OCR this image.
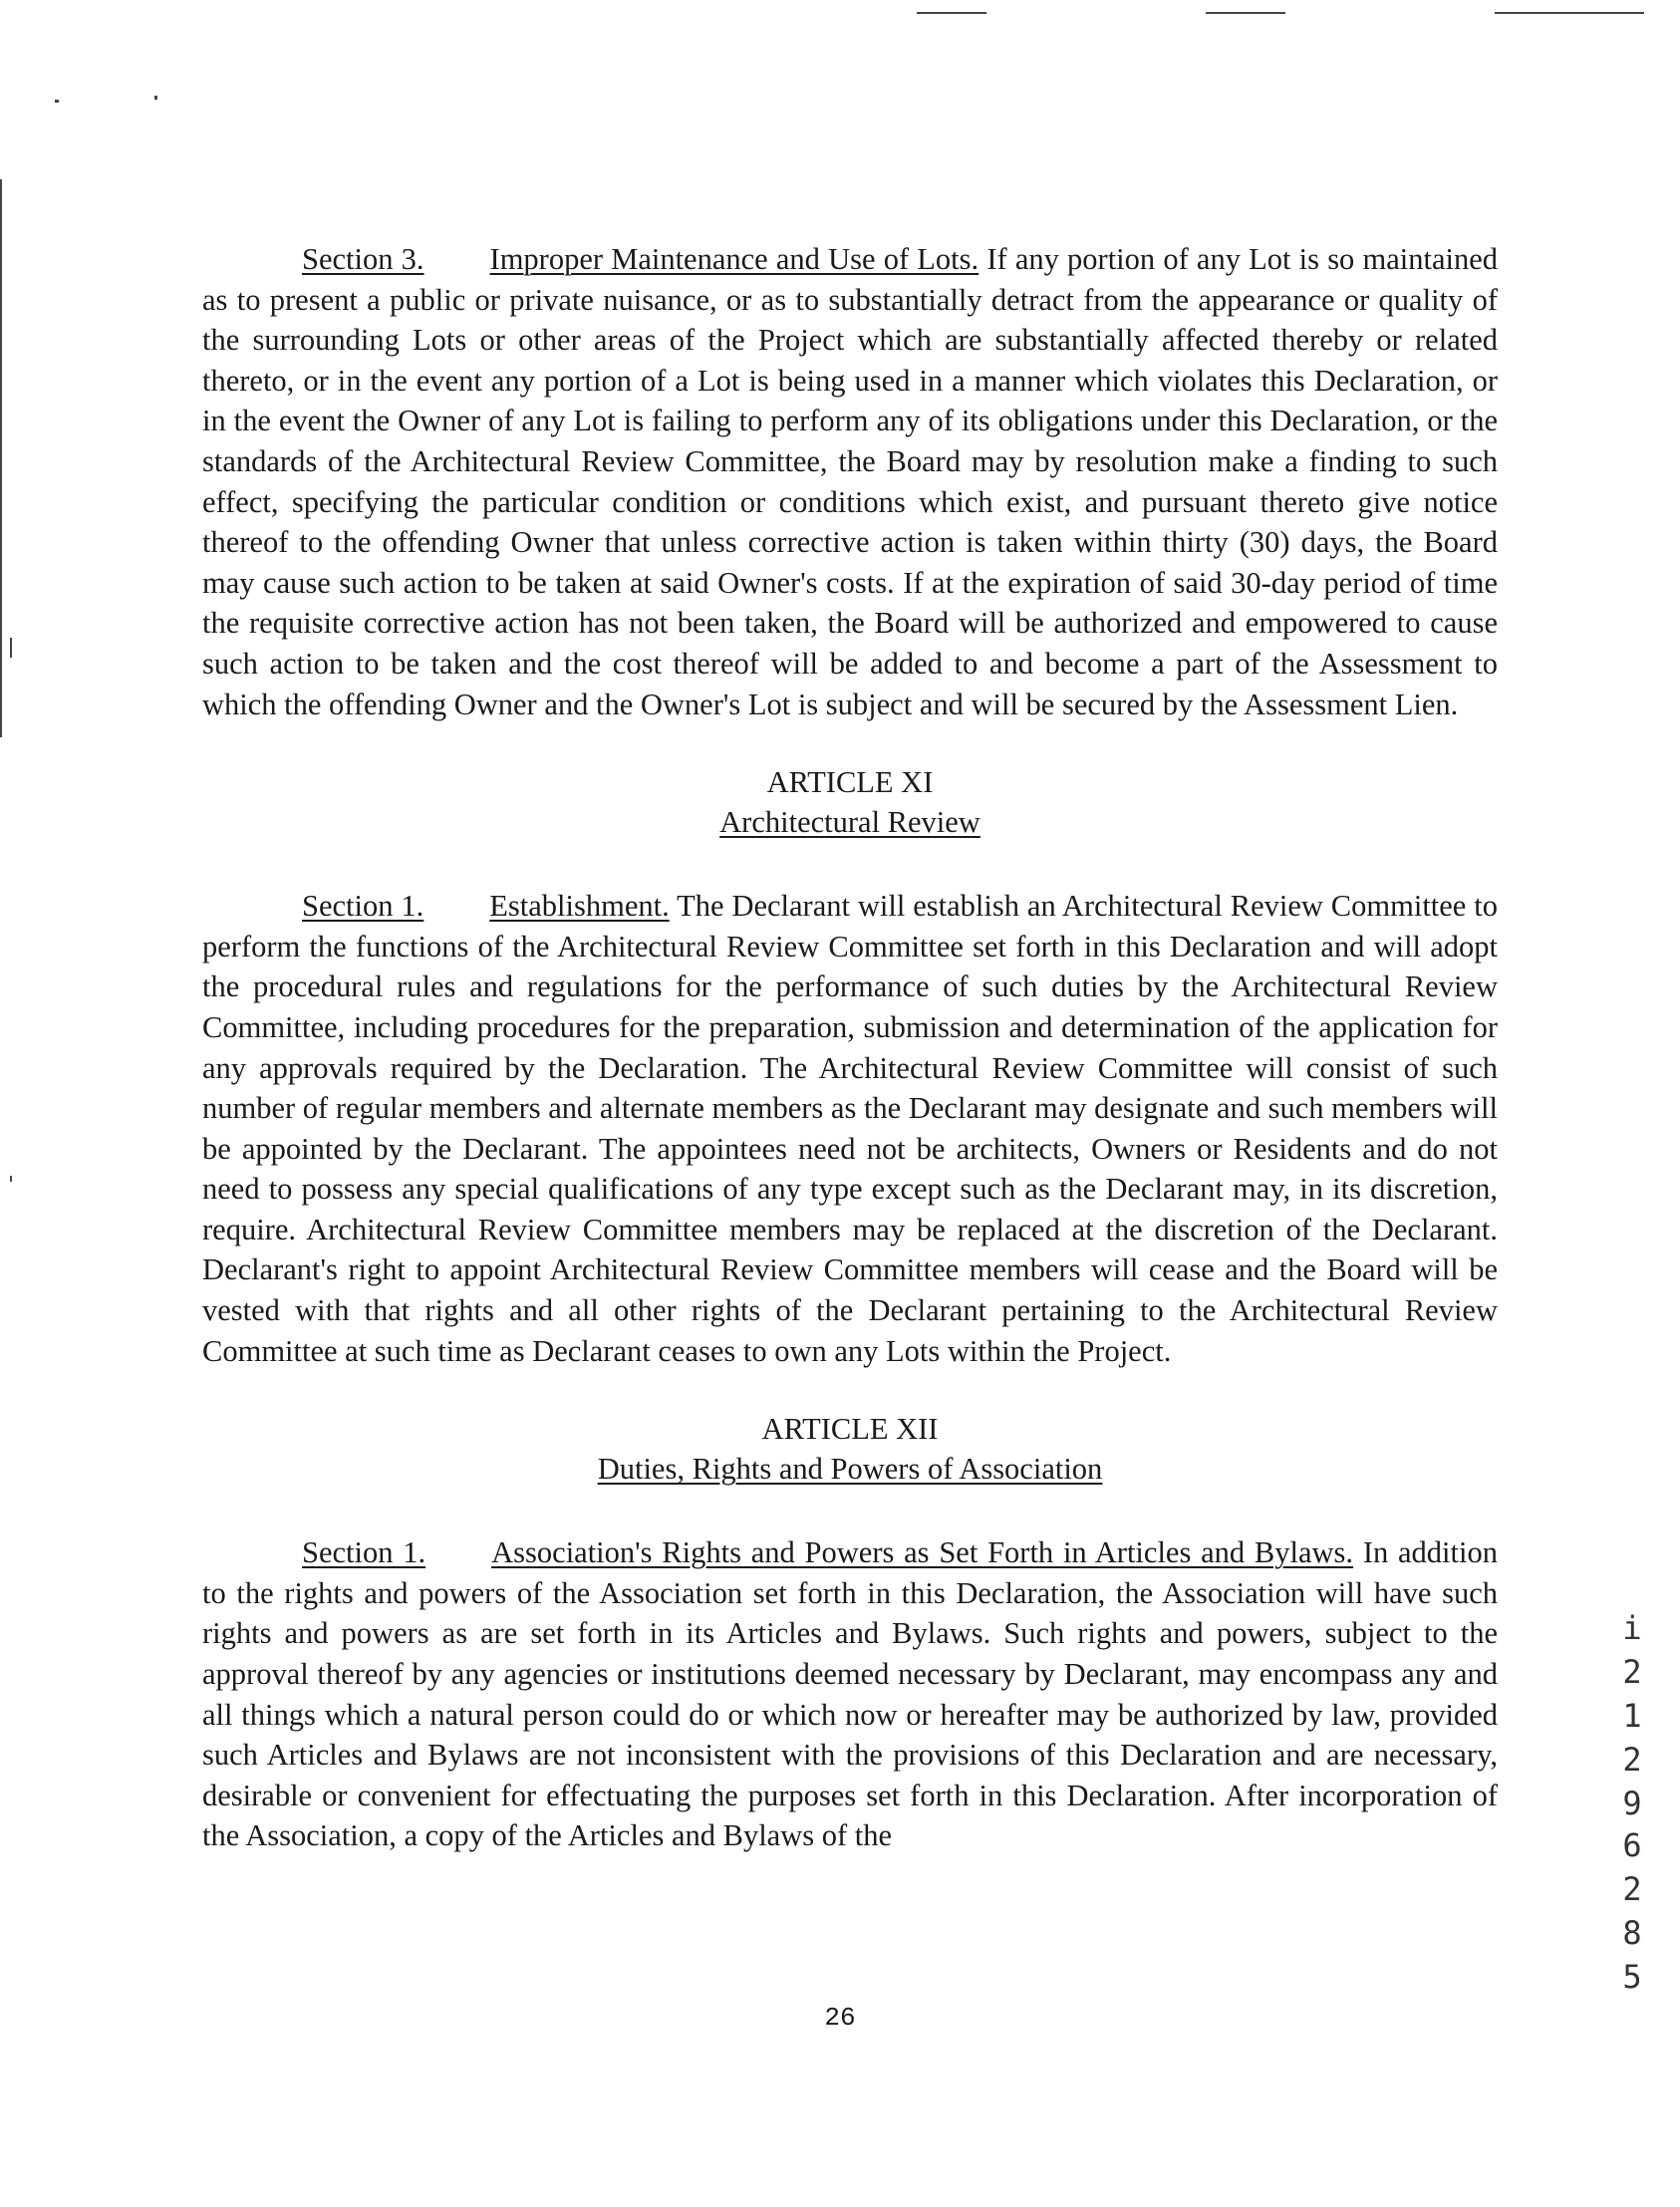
Section 3. Improper Maintenance and Use of Lots. If any portion of any Lot is so maintained as to present a public or private nuisance, or as to substantially detract from the appearance or quality of the surrounding Lots or other areas of the Project which are substantially affected thereby or related thereto, or in the event any portion of a Lot is being used in a manner which violates this Declaration, or in the event the Owner of any Lot is failing to perform any of its obligations under this Declaration, or the standards of the Architectural Review Committee, the Board may by resolution make a finding to such effect, specifying the particular condition or conditions which exist, and pursuant thereto give notice thereof to the offending Owner that unless corrective action is taken within thirty (30) days, the Board may cause such action to be taken at said Owner's costs. If at the expiration of said 30-day period of time the requisite corrective action has not been taken, the Board will be authorized and empowered to cause such action to be taken and the cost thereof will be added to and become a part of the Assessment to which the offending Owner and the Owner's Lot is subject and will be secured by the Assessment Lien.

ARTICLE XI

Architectural Review

Section 1. Establishment. The Declarant will establish an Architectural Review Committee to perform the functions of the Architectural Review Committee set forth in this Declaration and will adopt the procedural rules and regulations for the performance of such duties by the Architectural Review Committee, including procedures for the preparation, submission and determination of the application for any approvals required by the Declaration. The Architectural Review Committee will consist of such number of regular members and alternate members as the Declarant may designate and such members will be appointed by the Declarant. The appointees need not be architects, Owners or Residents and do not need to possess any special qualifications of any type except such as the Declarant may, in its discretion, require. Architectural Review Committee members may be replaced at the discretion of the Declarant. Declarant's right to appoint Architectural Review Committee members will cease and the Board will be vested with that rights and all other rights of the Declarant pertaining to the Architectural Review Committee at such time as Declarant ceases to own any Lots within the Project.

ARTICLE XII

Duties, Rights and Powers of Association

Section 1. Association's Rights and Powers as Set Forth in Articles and Bylaws. In addition to the rights and powers of the Association set forth in this Declaration, the Association will have such rights and powers as are set forth in its Articles and Bylaws. Such rights and powers, subject to the approval thereof by any agencies or institutions deemed necessary by Declarant, may encompass any and all things which a natural person could do or which now or hereafter may be authorized by law, provided such Articles and Bylaws are not inconsistent with the provisions of this Declaration and are necessary, desirable or convenient for effectuating the purposes set forth in this Declaration. After incorporation of the Association, a copy of the Articles and Bylaws of the

26
i
2
1
2
9
6
2
8
5
